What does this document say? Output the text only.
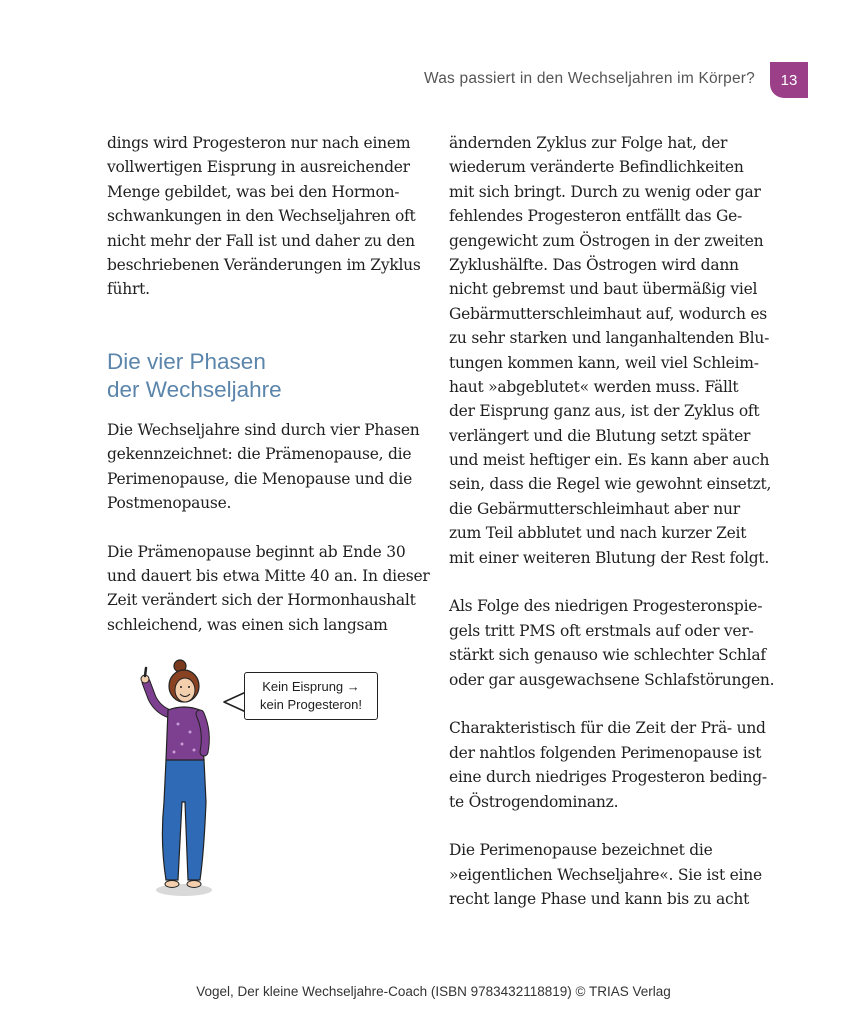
Was passiert in den Wechseljahren im Körper?	13
dings wird Progesteron nur nach einem
vollwertigen Eisprung in ausreichender
Menge gebildet, was bei den Hormon-
schwankungen in den Wechseljahren oft
nicht mehr der Fall ist und daher zu den
beschriebenen Veränderungen im Zyklus
führt.
Die vier Phasen
der Wechseljahre
Die Wechseljahre sind durch vier Phasen
gekennzeichnet: die Prämenopause, die
Perimenopause, die Menopause und die
Postmenopause.
Die Prämenopause beginnt ab Ende 30
und dauert bis etwa Mitte 40 an. In dieser
Zeit verändert sich der Hormonhaushalt
schleichend, was einen sich langsam
Kein Eisprung →
kein Progesteron!
ändernden Zyklus zur Folge hat, der
wiederum veränderte Befindlichkeiten
mit sich bringt. Durch zu wenig oder gar
fehlendes Progesteron entfällt das Ge-
gengewicht zum Östrogen in der zweiten
Zyklushälfte. Das Östrogen wird dann
nicht gebremst und baut übermäßig viel
Gebärmutterschleimhaut auf, wodurch es
zu sehr starken und langanhaltenden Blu-
tungen kommen kann, weil viel Schleim-
haut »abgeblutet« werden muss. Fällt
der Eisprung ganz aus, ist der Zyklus oft
verlängert und die Blutung setzt später
und meist heftiger ein. Es kann aber auch
sein, dass die Regel wie gewohnt einsetzt,
die Gebärmutterschleimhaut aber nur
zum Teil abblutet und nach kurzer Zeit
mit einer weiteren Blutung der Rest folgt.
Als Folge des niedrigen Progesteronspie-
gels tritt PMS oft erstmals auf oder ver-
stärkt sich genauso wie schlechter Schlaf
oder gar ausgewachsene Schlafstörungen.
Charakteristisch für die Zeit der Prä- und
der nahtlos folgenden Perimenopause ist
eine durch niedriges Progesteron beding-
te Östrogendominanz.
Die Perimenopause bezeichnet die
»eigentlichen Wechseljahre«. Sie ist eine
recht lange Phase und kann bis zu acht
Vogel, Der kleine Wechseljahre-Coach (ISBN 9783432118819) © TRIAS Verlag
